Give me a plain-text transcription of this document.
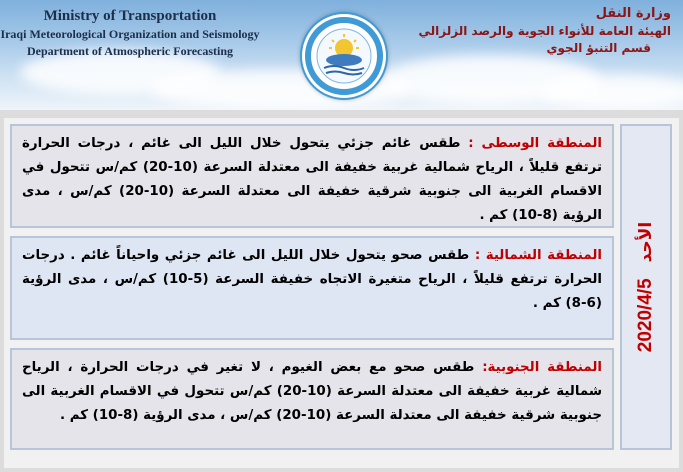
Ministry of Transportation
Iraqi Meteorological Organization and Seismology
Department of Atmospheric Forecasting
وزارة النقل
الهيئة العامة للأنواء الجوية والرصد الزلزالي
قسم التنبؤ الجوي
المنطقة الوسطى : طقس غائم جزئي يتحول خلال الليل الى غائم ، درجات الحرارة ترتفع قليلاً ، الرياح شمالية غربية خفيفة الى معتدلة السرعة (10-20) كم/س تتحول في الاقسام الغربية الى جنوبية شرقية خفيفة الى معتدلة السرعة (10-20) كم/س ، مدى الرؤية (8-10) كم .
المنطقة الشمالية : طقس صحو يتحول خلال الليل الى غائم جزئي واحياناً غائم . درجات الحرارة ترتفع قليلاً ، الرياح متغيرة الاتجاه خفيفة السرعة (5-10) كم/س ، مدى الرؤية (6-8) كم .
المنطقة الجنوبية: طقس صحو مع بعض الغيوم ، لا تغير في درجات الحرارة ، الرياح شمالية غربية خفيفة الى معتدلة السرعة (10-20) كم/س تتحول في الاقسام الغربية الى جنوبية شرقية خفيفة الى معتدلة السرعة (10-20) كم/س ، مدى الرؤية (8-10) كم .
الأحد 2020/4/5
